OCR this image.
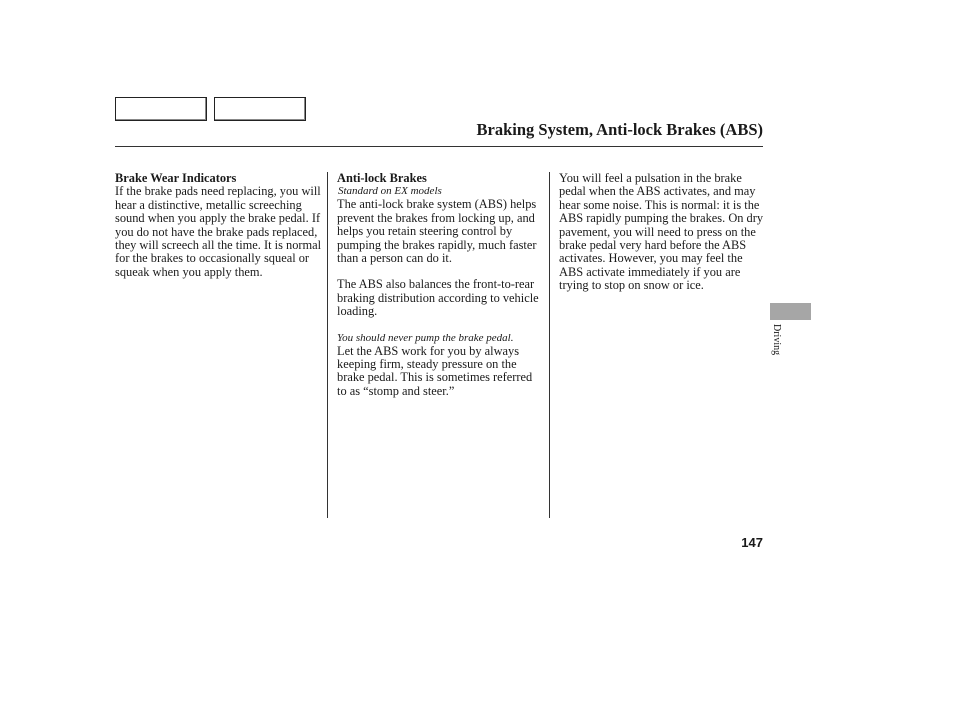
Braking System, Anti-lock Brakes (ABS)
Brake Wear Indicators

If the brake pads need replacing, you will hear a distinctive, metallic screeching sound when you apply the brake pedal. If you do not have the brake pads replaced, they will screech all the time. It is normal for the brakes to occasionally squeal or squeak when you apply them.

Anti-lock Brakes
Standard on EX models

The anti-lock brake system (ABS) helps prevent the brakes from locking up, and helps you retain steering control by pumping the brakes rapidly, much faster than a person can do it.

The ABS also balances the front-to-rear braking distribution according to vehicle loading.

You should never pump the brake pedal.

Let the ABS work for you by always keeping firm, steady pressure on the brake pedal. This is sometimes referred to as “stomp and steer.”

You will feel a pulsation in the brake pedal when the ABS activates, and may hear some noise. This is normal: it is the ABS rapidly pumping the brakes. On dry pavement, you will need to press on the brake pedal very hard before the ABS activates. However, you may feel the ABS activate immediately if you are trying to stop on snow or ice.

Driving
147
